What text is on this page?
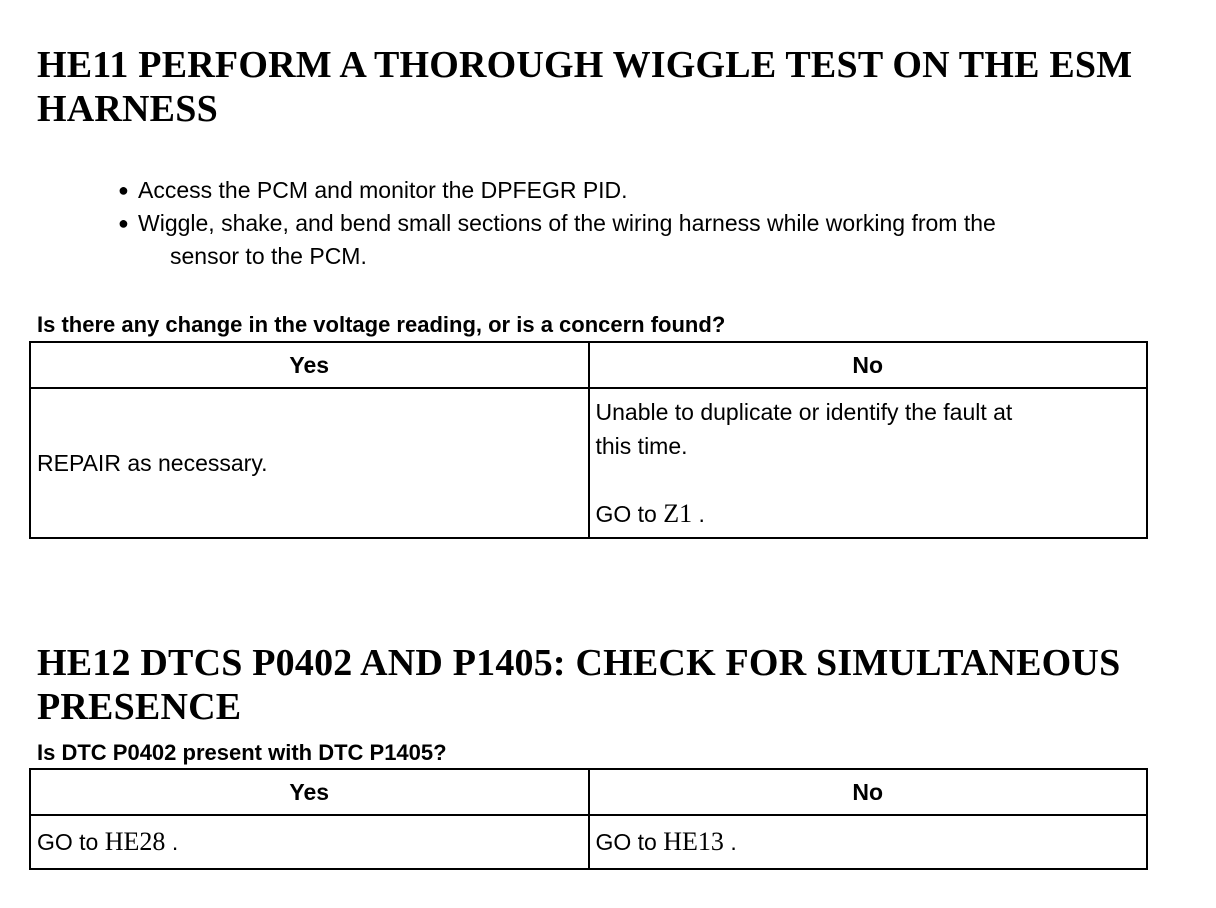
HE11 PERFORM A THOROUGH WIGGLE TEST ON THE ESM
HARNESS
● Access the PCM and monitor the DPFEGR PID.
● Wiggle, shake, and bend small sections of the wiring harness while working from the
sensor to the PCM.

Is there any change in the voltage reading, or is a concern found?

Yes	No
REPAIR as necessary.	Unable to duplicate or identify the fault at
this time.
GO to Z1 .
HE12 DTCS P0402 AND P1405: CHECK FOR SIMULTANEOUS
PRESENCE

Is DTC P0402 present with DTC P1405?

Yes	No
GO to HE28 .	GO to HE13 .
